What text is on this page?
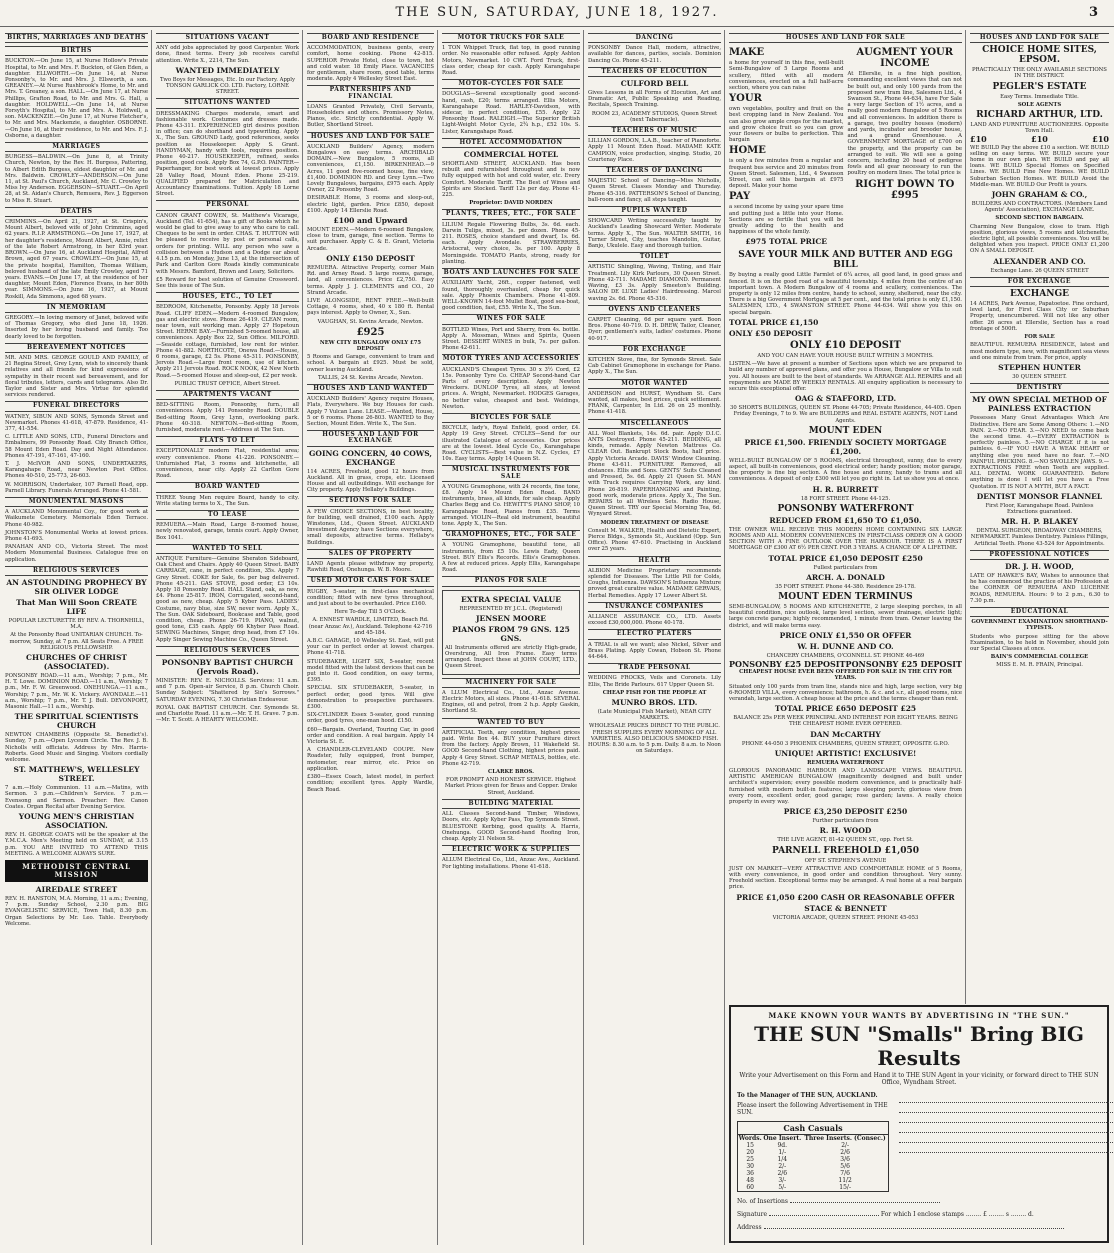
THE SUN, SATURDAY, JUNE 18, 1927.	3
BIRTHS, MARRIAGES AND DEATHS
BIRTHS
BUCKTON.—On June 15, at Nurse Hollow's Private Hospital, to Mr. and Mrs. F. Buckton, of Glen Eden, a daughter. ELLWORTH.—On June 14, at Nurse Ponsonby's, to Mr. and Mrs. J. Ellsworth, a son. GREANEY.—At Nurse Rushbrook's Home, to Mr. and Mrs. T. Greaney, a son. HALL.—On June 17, at Nurse Phillips, Grafton Road, to Mr. and Mrs. G. Hall, a daughter. HOLDWELL.—On June 14, at Nurse Forsyth's Hospital, to Mr. and Mrs. A. Holdwell, a son. MACKENZIE.—On June 17, at Nurse Fletcher's, to Mr. and Mrs. Mackenzie, a daughter. OSBORNE.—On June 16, at their residence, to Mr. and Mrs. F. J. Osborne, a daughter.
MARRIAGES
BURGESS—BALDWIN.—On June 8, at Trinity Church, Newton, by the Rev. H. Burgess, Pattering, to Albert Edith Burgess, eldest daughter of Mr. and Mrs. Baldwin. CROWLEY—ANDERSON.—On June 11, at St. Paul's Church, Auckland, Mr. C. Crowley to Miss Ivy Anderson. EGGERSON—STUART.—On April 28, at St. Aidan's Church, Remuera, Rev. J. Eggerson to Miss R. Stuart.
DEATHS
CRIMMINS.—On April 21, 1927, at St. Crispin's, Mount Albert, beloved wife of John Crimmins, aged 62 years. R.I.P. ARMSTRONG.—On June 17, 1927, at her daughter's residence, Mount Albert, Annie, relict of the late Robert Armstrong, in her 83rd year. BROWN.—On June 16, at Auckland Hospital, Alfred Brown, aged 67 years. CROWLEY.—On June 15, at the private hospital, Hamilton, Thomas William, beloved husband of the late Emily Crowley, aged 71 years. EVANS.—On June 17, at the residence of her daughter, Mount Eden, Florence Evans, in her 80th year. SIMMONS.—On June 16, 1927, at Mount Roskill, Ada Simmons, aged 68 years.
IN MEMORIAM
GREGORY.—In loving memory of Janet, beloved wife of Thomas Gregory, who died June 18, 1926. Inserted by her loving husband and family. Too dearly loved to be forgotten.
BEREAVEMENT NOTICES
MR. AND MRS. GEORGE GOULD AND FAMILY, of 21 Regina Street, Grey Lynn, wish to sincerely thank relatives and all friends for kind expressions of sympathy in their recent sad bereavement, and for floral tributes, letters, cards and telegrams. Also Dr. Taylor and Sister and Mrs. Virtue for splendid services rendered.
FUNERAL DIRECTORS
WATNEY, SIBUN AND SONS, Symonds Street and Newmarket. Phones 41-618, 47-879. Residence, 41-377, 41-554.
C. LITTLE AND SONS, LTD., Funeral Directors and Embalmers, 99 Ponsonby Road. City Branch Office, 58 Mount Eden Road. Day and Night Attendance. Phones 47-191, 47-161, 47-160.
T. J. McIVOR AND SONS, UNDERTAKERS, Karangahape Road, near Newton Post Office. Phones 40-510, 25-773, 26-603.
W. MORRISON, Undertaker, 107 Parnell Road, opp. Parnell Library. Funerals Arranged. Phone 41-581.
MONUMENTAL MASONS
A AUCKLAND Monumental Coy., for good work at Waikumete Cemetery. Memorials Eden Terrace. Phone 40-982.
JOHNSTON'S Monumental Works at lowest prices. Phone 41-693.
PANAHAN AND CO., Victoria Street. The most Modern Monumental Business. Catalogue free on application.
RELIGIOUS SERVICES
AN ASTOUNDING PROPHECY BY SIR OLIVER LODGE
That Man Will Soon CREATE LIFE
POPULAR LECTURETTE BY REV. A. THORNHILL, M.A.
At the Ponsonby Road UNITARIAN CHURCH. To-morrow, Sunday, at 7 p.m. All Seats Free. A FREE RELIGIOUS FELLOWSHIP.
CHURCHES OF CHRIST (ASSOCIATED).
PONSONBY ROAD.—11 a.m., Worship; 7 p.m., Mr. H. T. Lowe. DOMINION ROAD.—11 a.m., Worship; 7 p.m., Mr. F. W. Greenwood. ONEHUNGA.—11 a.m., Worship; 7 p.m., Mr. W. K. Vickery. AVONDALE.—11 a.m., Worship; 7 p.m., Mr. T. J. Bull. DEVONPORT, Masonic Hall.—11 a.m., Worship.
THE SPIRITUAL SCIENTISTS CHURCH
NEWTON CHAMBERS (Opposite St. Benedict's). Sunday, 7 p.m.—Open Lyceum Circle. The Rev. J. B. Nicholls will officiate. Address by Mrs. Harris-Roberts. Good Music and Singing. Visitors cordially welcome.
ST. MATTHEW'S, WELLESLEY STREET.
7 a.m.—Holy Communion. 11 a.m.—Matins, with Sermon. 3 p.m.—Children's Service. 7 p.m.—Evensong and Sermon. Preacher: Rev. Canon Coates. Organ Recital after Evening Service.
YOUNG MEN'S CHRISTIAN ASSOCIATION.
REV. H. GEORGE COATS will be the speaker at the Y.M.C.A. Men's Meeting held on SUNDAY, at 3.15 p.m. YOU ARE INVITED TO ATTEND THIS MEETING. A WELCOME ALWAYS SURE.
METHODIST CENTRAL MISSION
AIREDALE STREET
REV. H. RANSTON, M.A. Morning, 11 a.m.; Evening, 7 p.m. Sunday School, 2.30 p.m. BIG EVANGELISTIC SERVICE, Town Hall, 8.30 p.m. Organ Selections by Mr. Leo. Tahle. Everybody Welcome.
SITUATIONS VACANT
ANY odd jobs appreciated by good Carpenter. Work done, finest terms. Every job receives careful attention. Write X., 2214, The Sun.
WANTED IMMEDIATELY
Two Boys for Messages, Etc. In our Factory. Apply TONSON GARLICK CO. LTD. Factory, LORNE STREET.
SITUATIONS WANTED
DRESSMAKING Charges moderate, smart and fashionable work. Costumes and dresses made. Phone 43-311. EXPERIENCED girl desires position in office; can do shorthand and typewriting. Apply X., The Sun. GROUND Lady, good references, seeks position as Housekeeper. Apply S. Grant. HANDYMAN, handy with tools, requires position. Phone 40-217. HOUSEKEEPER, refined, seeks position, good cook. Apply Box 74, G.P.O. PAINTER—Paperhanger, for best work at lowest prices. Apply 28 Valley Road, Mount Eden. Phone 25-219. QUALIFIED prepared for Matriculation and Accountancy Examinations. Tuition. Apply 18 Lorne Street.
PERSONAL
CANON GRANT COWEN, St. Matthew's Vicarage, Auckland (Tel. 41-654), has a gift of Books which he would be glad to give away to any who care to call. Cheques to be sent in order. CHAS. T. HUTTON will be pleased to receive by post or personal calls, orders for printing. WILL any person who saw a collision between a Hudson and a Dodge car about 4.15 p.m. on Monday, June 13, at the intersection of Park and Carlton Gore Roads kindly communicate with Messrs. Bamford, Brown and Leary, Solicitors.
£5 Reward for best solution of Genuine Crossword. See this issue of The Sun.
HOUSES, ETC., TO LET
BEDROOM, Kitchenette, Ponsonby. Apply 18 Jervois Road. CLIFF EDEN.—Modern 4-roomed Bungalow, gas and electric stove. Phone 26-419. CLEAN room, near town, suit working man. Apply 27 Hopetoun Street. HERNE BAY.—Furnished 5-roomed house, all conveniences. Apply Box 22, Sun Office. MILFORD.—Seaside cottage, furnished, low rent for winter. Phone 41-882. NORTHCOTE, Onewa Road.—House, 6 rooms, garage, £2 5s. Phone 45-311. PONSONBY, Jervois Road.—Large front room, use of kitchen. Apply 211 Jervois Road. ROCK NOOK, 42 New North Road.—5-roomed House and sleep-out, £2 per week.
PUBLIC TRUST OFFICE, Albert Street.
APARTMENTS VACANT
BED-SITTING Room, Ponsonby, furn., all conveniences. Apply 141 Ponsonby Road. DOUBLE Bed-sitting Room, Grey Lynn, overlooking park. Phone 40-318. NEWTON.—Bed-sitting Room, furnished, moderate rent.—Address at The Sun.
FLATS TO LET
EXCEPTIONALLY modern Flat, residential area; every convenience. Phone 41-226. PONSONBY.—Unfurnished Flat, 3 rooms and kitchenette, all conveniences, near city. Apply 22 Carlton Gore Road.
BOARD WANTED
THREE Young Men require Board, handy to city. Write stating terms to X., The Sun.
TO LEASE
REMUERA.—Main Road, Large 8-roomed house, newly renovated, garage, tennis court. Apply Owner, Box 1041.
WANTED TO SELL
ANTIQUE Furniture—Genuine Sheraton Sideboard, Oak Chest and Chairs. Apply 40 Queen Street. BABY CARRIAGE, cane, in perfect condition, 35s. Apply 7 Grey Street. COKE for Sale, 6s. per bag delivered. Phone 45-211. GAS STOVE, good order, £3 10s. Apply 18 Ponsonby Road. HALL Stand, oak, as new, £4. Phone 25-817. IRON, Corrugated, second-hand, good as new, cheap. Apply 5 Kyber Pass. LADIES' Costume, navy blue, size SW, never worn. Apply X., The Sun. OAK Sideboard, Bookcase and Table, good condition, cheap. Phone 26-719. PIANO, walnut, good tone, £35 cash. Apply 66 Khyber Pass Road. SEWING Machines, Singer, drop head, from £7 10s. Apply Singer Sewing Machine Co., Queen Street.
RELIGIOUS SERVICES
PONSONBY BAPTIST CHURCH (Jervois Road).
MINISTER: REV. E. NICHOLLS. Services: 11 a.m. and 7 p.m. Open-air Service, 8 p.m. Church Choir. Sunday Subject: "Shattered by Sin's Sorrows." SATURDAY EVENING, 7.30 Christian Endeavour.
ROYAL OAK BAPTIST CHURCH. Cnr. Symonds St. and Charlotte Road. 11 a.m.—Mr. T. H. Grave. 7 p.m.—Mr. T. Scott. A HEARTY WELCOME.
BOARD AND RESIDENCE
ACCOMMODATION, business gents, every comfort, home cooking. Phone 42-815. SUPERIOR Private Hotel, close to town, hot and cold water. 18 Emily Place. VACANCIES for gentlemen, share room, good table, terms moderate. Apply 4 Wellesley Street East.
PARTNERSHIPS AND FINANCIAL
LOANS Granted Privately, Civil Servants, Householders and others. Promissory Notes, Pianos, etc. Strictly confidential. Apply W. Butler, Shortland Street.
HOUSES AND LAND FOR SALE
AUCKLAND Builders' Agency, modern Bungalows on easy terms. ARCHIBALD DOMAIN.—New Bungalow, 5 rooms, all conveniences, £1,150. BIRKENHEAD.—9 Acres, 11 good five-roomed house, fine view, £1,400. DOMINION RD. and Grey Lynn.—Two Lovely Bungalows, bargains, £975 each. Apply Owner, 22 Ponsonby Road.
DESIRABLE Home, 3 rooms and sleep-out, electric light, garden. Price £850, deposit £100. Apply 14 Ellerslie Road.
£100 and Upward
MOUNT EDEN.—Modern 6-roomed Bungalow, close to tram, garage, fine section. Terms to suit purchaser. Apply C. & E. Grant, Victoria Arcade.
ONLY £150 DEPOSIT
REMUERA. Attractive Property, corner Main Rd. and Arney Road. 5 large rooms, garage, land, all conveniences. Price £2,750. Easy terms. Apply J. J. CLEMENTS and CO., 20 Strand Arcade.
LIVE ALONGSIDE, RENT FREE.—Well-built Cottage, 4 rooms, shed, 40 x 180 ft. Rental pays interest. Apply to Owner, X., Sun.
VAUGHAN, St. Kevins Arcade, Newton.
£925
NEW CITY BUNGALOW ONLY £75 DEPOSIT
5 Rooms and Garage, convenient to tram and school. A bargain at £925. Must be sold, owner leaving Auckland.
TALLIS, 24 St. Kevins Arcade, Newton.
HOUSES AND LAND WANTED
AUCKLAND Builders' Agency require Houses, Flats, Everywhere. We buy Houses for cash. Apply 7 Vulcan Lane. LEASE.—Wanted, House, 5 or 6 rooms. Phone 26-803. WANTED to Buy Section, Mount Eden. Write X., The Sun.
HOUSES AND LAND FOR EXCHANGE
GOING CONCERN, 40 COWS, EXCHANGE
114 ACRES, Freehold, good 12 hours from Auckland. All in grass, crops, etc. Licensed House and all outbuildings. Will exchange for City property. Apply Hellaby's Buildings.
SECTIONS FOR SALE
A FEW CHOICE SECTIONS, in best locality, for building, well drained, £100 each. Apply Winstones, Ltd., Queen Street. AUCKLAND Investment Agency have Sections everywhere, small deposits, attractive terms. Hellaby's Buildings.
SALES OF PROPERTY
LAND Agents please withdraw my property, Rawhiti Road, Onehunga. W. B. Moore.
USED MOTOR CARS FOR SALE
RUGBY, 5-seater, in first-class mechanical condition; fitted with new tyres throughout, and just about to be overhauled. Price £160.
Here To-day Till 5 O'Clock.
A. ENNEST WARDLE, LIMITED, Beach Rd. (near Anzac Av.), Auckland. Telephone 42-716 and 45-184.
A.B.C. GARAGE, 10 Wellesley St. East, will put your car in perfect order at lowest charges. Phone 41-718.
STUDEBAKER, LIGHT SIX, 5-seater, recent model fitted with the latest devices that can be put into it. Good condition, on easy terms, £395.
SPECIAL SIX STUDEBAKER, 5-seater, in perfect order, good tyres. Will give demonstration to prospective purchasers. £300.
SIX-CYLINDER Essex 5-seater, good running order, good tyres, one-man hood. £150.
£60—Bargain. Overland, Touring Car, in good order and condition. A real bargain. Apply 14 Victoria St. E.
A CHANDLER-CLEVELAND COUPE. New Roadster, fully equipped, front bumper, motometer, rear mirror, etc. Price on application.
£380—Essex Coach, latest model, in perfect condition; excellent tyres. Apply Wardle, Beach Road.
MOTOR TRUCKS FOR SALE
1 TON Whippet Truck, flat top, in good running order. No reasonable offer refused. Apply Ashton Motors, Newmarket. 10 CWT. Ford Truck, first-class order, cheap for cash. Apply Karangahape Road.
MOTOR-CYCLES FOR SALE
DOUGLAS—Several exceptionally good second-hand, cash, £20; terms arranged. Ellis Motors, Karangahape Road. HARLEY-Davidson, with sidecar, in perfect condition, £55. Apply 22 Ponsonby Road. RALEIGH.—The Superior British Light-Weight Motor Cycle, 2¾ h.p., £52 10s. S. Lister, Karangahape Road.
HOTEL ACCOMMODATION
COMMERCIAL HOTEL
SHORTLAND STREET, AUCKLAND. Has been rebuilt and refurnished throughout and is now fully equipped with hot and cold water, etc. Every Comfort. Moderate Tariff. The Best of Wines and Spirits are Stocked. Tariff 12s per day. Phone 41-225.
Proprietor: DAVID NORDEN
PLANTS, TREES, ETC., FOR SALE
LILIUM Regale Flowering Bulbs, 3s. 6d. each. Darwin Tulips, mixed, 3s. per dozen. Phone 45-211. ROSES, choice standard and dwarf, 1s. 6d. each. Apply Avondale. STRAWBERRIES, Aristocrat, very choice, 3s. per 100. Apply 8 Morningside. TOMATO Plants, strong, ready for planting.
BOATS AND LAUNCHES FOR SALE
AUXILIARY Yacht, 26ft., copper fastened, well found, thoroughly overhauled, cheap for quick sale. Apply Phoenix Chambers. Phone 41-809. WELL-KNOWN 14-foot Mullet Boat, good sea-boat, good condition, fast, £55. Write X., The Sun.
WINES FOR SALE
BOTTLED Wines, Port and Sherry, from 4s. bottle. Apply A. Mossman, Wines and Spirits, Queen Street. DESSERT WINES in bulk, 7s. per gallon. Phone 42-611.
MOTOR TYRES AND ACCESSORIES
AUCKLAND'S Cheapest Tyres. 30 x 3½ Cord, £2 15s. Ponsonby Tyre Co. CHEAP Second-hand Car Parts of every description. Apply Newton Wreckers. DUNLOP Tyres, all sizes, at lowest prices. A. Wright, Newmarket. HODGES Garages, no better value, cheapest and best. Weldings, Newton.
BICYCLES FOR SALE
BICYCLE, lady's, Royal Enfield, good order, £4. Apply 19 Grey Street. CYCLES—Send for our illustrated Catalogue of accessories. Our prices are at the lowest. Ideal Cycle Co., Karangahape Road. CYCLISTS—Best value in N.Z. Cycles, £7 10s. Easy terms. Apply 14 Queen St.
MUSICAL INSTRUMENTS FOR SALE
A YOUNG Gramophone, with 24 records, fine tone, £8. Apply 14 Mount Eden Road. BAND instruments, brass, all kinds, for sale cheap. Apply Charles Begg and Co. HEWITT'S PIANO SHOP, 10 Karangahape Road, Pianos from £35. Terms arranged. VIOLIN—Real old instrument, beautiful tone. Apply X., The Sun.
GRAMOPHONES, ETC., FOR SALE
A YOUNG Gramophone, beautiful tone, all instruments, from £5 10s. Lewis Eady, Queen Street. BUY Ellis's Records. Ellis's Gramophones. A few at reduced prices. Apply Ellis, Karangahape Road.
PIANOS FOR SALE
EXTRA SPECIAL VALUE
REPRESENTED BY J.C.L. (Registered)
JENSEN MOORE
PIANOS FROM 79 GNS. 125 GNS.
All Instruments offered are strictly High-grade, Overstrung, All Iron Frame. Easy terms arranged. Inspect these at JOHN COURT, LTD., Queen Street.
MACHINERY FOR SALE
A LLUM Electrical Co., Ltd., Anzac Avenue. Electric Motors, all sizes. Phone 41-618. SEVERAL Engines, oil and petrol, from 2 h.p. Apply Gaskin, Shortland St.
WANTED TO BUY
ARTIFICIAL Teeth, any condition, highest prices paid. Write Box 44. BUY your Furniture direct from the factory. Apply Brown, 11 Wakefield St. GOOD Second-hand Clothing, highest prices paid. Apply 4 Grey Street. SCRAP METALS, bottles, etc. Phone 42-719.
CLARKE BROS.
FOR PROMPT AND HONEST SERVICE. Highest Market Prices given for Brass and Copper. Drake Street, Auckland.
BUILDING MATERIAL
ALL Classes Second-hand Timber, Windows, Doors, etc. Apply Kyber Pass, Top Symonds Street. BLUESTONE Kerbing, good quality. A. Harris, Onehunga. GOOD Second-hand Roofing Iron, cheap. Apply 21 Nelson St.
ELECTRIC WORK & SUPPLIES
ALLUM Electrical Co., Ltd., Anzac Ave., Auckland. For lighting installations. Phone 41-618.
DANCING
PONSONBY Dance Hall, modern, attractive, available for dances, parties, socials. Dominion Dancing Co. Phone 45-211.
TEACHERS OF ELOCUTION
CULFORD BELL
Gives Lessons in all Forms of Elocution, Art and Dramatic Art, Public Speaking and Reading, Recitals, Speech Training.
ROOM 23, ACADEMY STUDIOS, Queen Street (next Tabernacle).
TEACHERS OF MUSIC
LILLIAN GORDON, L.A.B., teacher of Pianoforte. Apply 11 Mount Eden Road. MADAME KATE CAMPION, voice production, singing. Studio, 20 Courtenay Place.
TEACHERS OF DANCING
MAJESTIC School of Dancing—Miss Nicholls, Queen Street. Classes Monday and Thursday. Phone 45-316. PATTERSON'S School of Dancing, ball-room and fancy, all steps taught.
PUPILS WANTED
SHOWCARD Writing successfully taught by Auckland's Leading Showcard Writer. Moderate terms. Apply X., The Sun. WALTER SMITH, 16 Turner Street, City, teaches Mandolin, Guitar, Banjo, Ukulele. Easy and thorough tuition.
TOILET
ARTISTIC Shingling, Waving, Tinting, and Hair Treatment. Lily Kirk Parlours, 30 Queen Street. Phone 42-711. MADAME DIAMOND. Permanent Waving, £3 3s. Apply Smeeton's Building. SALON DE LUXE Ladies' Hairdressing. Marcel waving 2s. 6d. Phone 45-316.
OVENS AND CLEANERS
CARPET Cleaning, 6d per square yard. Boon Bros. Phone 40-719. D. H. DREW, Tailor, Cleaner, Dyer; gentlemen's suits, ladies' costumes. Phone 40-917.
FOR EXCHANGE
KITCHEN Stove, fine, for Symonds Street. Sale Cab Cabinet Gramophone in exchange for Piano. Apply X., The Sun.
MOTOR WANTED
ANDERSON and HURST, Wyndham St. Cars wanted, all makes, best prices, quick settlement. FRANK, Carpenter, In Ltd. 26 on 25 monthly. Phone 41-418.
MISCELLANEOUS
ALL Wool Blankets, 14s. 6d. pair. Apply D.I.C. ANTS Destroyed. Phone 45-211. BEDDING, all kinds, remade. Apply Newton Mattress Co. CLEAR Out. Bankrupt Stock Boots, half price. Apply Victoria Arcade. DAVIS' Window Cleaning. Phone 43-611. FURNITURE Removed, all distances. Ellis and Sons. GENTS' Suits Cleaned and Pressed, 5s. 6d. Apply 21 Queen St. MAN with Truck requires Carrying Work, any kind. Phone 26-819. PAPERHANGING and Painting, good work, moderate prices. Apply X., The Sun. REPAIRS to all Wireless Sets. Radio House, Queen Street. TRY our Special Morning Tea, 6d. Wynyard Street.
MODERN TREATMENT OF DISEASE
Consult M. WALKER, Health and Dietetic Expert, Pierce Bldgs., Symonds St., Auckland (Opp. Sun Office). Phone 47-610. Practising in Auckland over 25 years.
HEALTH
ALBION Medicine Proprietary recommends splendid for Diseases. The Little Pill for Colds, Coughs, Influenza. DAWSON'S Influenza Mixture proved great curative value. MADAME GERVAIS, Herbal Remedies. Apply 17 Lower Albert St.
INSURANCE COMPANIES
ALLIANCE ASSURANCE CO., LTD. Assets exceed £30,000,000. Phone 40-178.
ELECTRO PLATERS
A TRIAL is all we want; also Nickel, Silver and Brass Plating. Apply Cowan, Hobson St. Phone 44-644.
TRADE PERSONAL
WEDDING FROCKS, Veils and Coronets. Lily Ellis, The Bride Parlours. 617 Upper Queen St.
CHEAP FISH FOR THE PEOPLE AT
MUNRO BROS. LTD.
(Late Municipal Fish Market), NEAR CITY MARKETS.
WHOLESALE PRICES DIRECT TO THE PUBLIC. FRESH SUPPLIES EVERY MORNING OF ALL VARIETIES. ALSO DELICIOUS SMOKED FISH. HOURS: 8.30 a.m. to 5 p.m. Daily. 8 a.m. to Noon on Saturdays.
HOUSES AND LAND FOR SALE
MAKE
a home for yourself in this fine, well-built Semi-Bungalow of 5 Large Rooms and scullery, fitted with all modern conveniences, erected on a full half-acre section, where you can raise
YOUR
own vegetables, poultry and fruit on the best cropping land in New Zealand. You can also grow ample crops for the market, and grow choice fruit so you can grow your flowers or bulbs to perfection. This bargain
HOME
is only a few minutes from a regular and frequent bus service and 20 minutes from Queen Street. Salesmen, Ltd., 4 Swanson Street, can sell this bargain at £975 deposit. Make your home
PAY
a second income by using your spare time and putting just a little into your Home. Sections are so fertile that you will be greatly adding to the health and happiness of the whole family.
£975 TOTAL PRICE
AUGMENT YOUR INCOME
At Ellerslie, in a fine high position, commanding excellent views that can not be built out, and only 100 yards from the proposed new tram line, Salesmen Ltd., 4 Swanson St., Phone 44-634, have For Sale a very large Section of 1½ acres, and a really good modern Bungalow of 5 Rooms and all conveniences. In addition there is a garage, two poultry houses (modern) and yards, incubator and brooder house, and a grand Greenhouse. A GOVERNMENT MORTGAGE of £700 on the property, and the property can be arranged to suit. We will see a going concern, including 20 head of pedigree fowls and all gear necessary to run the poultry on modern lines. The total price is
RIGHT DOWN TO £995
SAVE YOUR MILK AND BUTTER AND EGG BILL
By buying a really good Little Farmlet of 6¼ acres, all good land, in good grass and fenced. It is on the good road of a beautiful township. 4 miles from the centre of an important town. A Modern Bungalow of 4 rooms and scullery, conveniences. The property is only 12 miles from centre, handy to school, sunny, sheltered, near the city. There is a big Government Mortgage at 5 per cent., and the total price is only £1,150. SALESMEN, LTD., 4 SWANSTON STREET. Phone 44-634. Will show you this on special bargain.
TOTAL PRICE £1,150
ONLY £50 DEPOSIT
ONLY £10 DEPOSIT
AND YOU CAN HAVE YOUR HOUSE BUILT WITHIN 3 MONTHS.
LISTEN.—We have at present a number of Sections upon which we are prepared to build any number of approved plans, and offer you a House, Bungalow or Villa to suit you. All houses are built to the best of standards. We ARRANGE ALL REPAIRS and all repayments are MADE BY WEEKLY RENTALS. All enquiry application is necessary to secure this exceptional offer.
OAG & STAFFORD, LTD.
30 SHORTS BUILDINGS, QUEEN ST. Phone 44-705; Private Residence, 44-405. Open Friday Evenings, 7 to 9. We are BUILDERS and REAL ESTATE AGENTS, NOT Land Agents.
MOUNT EDEN
PRICE £1,500. FRIENDLY SOCIETY MORTGAGE £1,200.
WELL-BUILT BUNGALOW OF 5 ROOMS, electrical throughout, sunny, due to every aspect, all built-in conveniences, good electrical order; handy position; motor garage, the property is fine big section. A fine house and sunny, handy to trams and all conveniences. A deposit of only £300 will let you go right in. Let us show you at once.
H. R. BURRETT
18 FORT STREET. Phone 44-125.
PONSONBY WATERFRONT
REDUCED FROM £1,650 TO £1,050.
THE OWNER WILL RECEIVE THIS MODERN HOME CONTAINING SIX LARGE ROOMS AND ALL MODERN CONVENIENCES IN FIRST-CLASS ORDER ON A GOOD SECTION WITH A FINE OUTLOOK OVER THE HARBOUR. THERE IS A FIRST MORTGAGE OF £300 AT 6½ PER CENT. FOR 3 YEARS. A CHANCE OF A LIFETIME.
TOTAL PRICE £1,050 DEPOSIT £250
Fullest particulars from
ARCH. A. DONALD
35 FORT STREET. Phone 44-380. Residence 29-178.
MOUNT EDEN TERMINUS
SEMI-BUNGALOW, 5 ROOMS AND KITCHENETTE, 2 large sleeping porches, in all beautiful condition, nice outlook, large level section, sewer drainage, electric light; large concrete garage; highly recommended, 1 minute from tram. Owner leaving the district, and will make terms easy.
PRICE ONLY £1,550 OR OFFER
W. H. DUNNE AND CO.
CHANCERY CHAMBERS, O'CONNELL ST. PHONE 46-469
PONSONBY £25 DEPOSIT PONSONBY £25 DEPOSIT
CHEAPEST HOUSE EVER BEEN OFFERED FOR SALE IN THE CITY FOR YEARS.
Situated only 100 yards from tram line, stands nice and high, large section, very big 6-ROOMED VILLA, every convenience; bathroom, h. & c. and s.r., all good rooms, nice verandah, large section. A cheap house at the price and the terms cheaper than rent.
TOTAL PRICE £650 DEPOSIT £25
BALANCE 25s PER WEEK PRINCIPAL AND INTEREST FOR EIGHT YEARS. BEING THE CHEAPEST HOME EVER OFFERED.
DAN McCARTHY
PHONE 44-050 3 PHOENIX CHAMBERS, QUEEN STREET, OPPOSITE G.P.O.
UNIQUE! ARTISTIC! EXCLUSIVE!
REMUERA WATERFRONT
GLORIOUS PANORAMIC HARBOUR AND LANDSCAPE VIEWS. BEAUTIFUL ARTISTIC AMERICAN BUNGALOW (magnificently designed and built under architect's supervision; every possible modern convenience, and is practically half-furnished with modern built-in features; large sleeping porch; glorious view from every room, excellent order, good garage; rose garden; lawns. A really choice property in every way.
PRICE £3,250 DEPOSIT £250
Further particulars from
R. H. WOOD
THE LIVE AGENT, 81-42 QUEEN ST., opp. Fort St.
PARNELL FREEHOLD £1,050
OFF ST. STEPHEN'S AVENUE
JUST ON MARKET—VERY ATTRACTIVE AND COMFORTABLE HOME of 5 Rooms, with every convenience, in good order and condition throughout. Very sunny. Freehold section. Exceptional terms may be arranged. A real home at a real bargain price.
PRICE £1,050 £200 CASH OR REASONABLE OFFER
STACE & BENNETT
VICTORIA ARCADE, QUEEN STREET. PHONE 45-053
HOUSES AND LAND FOR SALE
CHOICE HOME SITES, EPSOM.
PRACTICALLY THE ONLY AVAILABLE SECTIONS IN THE DISTRICT.
PEGLER'S ESTATE
Easy Terms. Immediate Title.
SOLE AGENTS
RICHARD ARTHUR, LTD.
LAND AND FURNITURE AUCTIONEERS. Opposite Town Hall.
£10	£10	£10
WE BUILD Pay the above £10 a section. WE BUILD selling on easy terms. WE BUILD secure your home in our own plan. WE BUILD and pay all loans. WE BUILD Special Homes on Specified Lines. WE BUILD Fine New Homes. WE BUILD Suburban Section Homes. WE BUILD Avoid the Middle-man. WE BUILD Our Profit is yours.
JOHN GRAHAM & CO.,
BUILDERS AND CONTRACTORS. (Members Land Agents' Association), EXCHANGE LANE.
SECOND SECTION BARGAIN.
Charming New Bungalow, close to tram. High position, glorious views, 5 rooms and kitchenette, electric light, all possible conveniences. You will be delighted when you inspect. PRICE ONLY £1,200 ON A SMALL DEPOSIT.
ALEXANDER AND CO.
Exchange Lane. 26 QUEEN STREET
FOR EXCHANGE
EXCHANGE
14 ACRES, Park Avenue, Papatoetoe. Fine orchard, level land, for First Class City or Suburban Property, unencumbered. Will not like any other offer. 26 acres at Ellerslie, Section has a road frontage of 500ft.
FOR SALE
BEAUTIFUL REMUERA RESIDENCE, latest and most modern type, new, with magnificent sea views and one minute from tram. For price, apply
STEPHEN HUNTER
30 QUEEN STREET.
DENTISTRY
MY OWN SPECIAL METHOD OF PAINLESS EXTRACTION
Possesses Many Great Advantages Which Are Distinctive. Here are Some Among Others: 1.—NO PAIN. 2.—NO FEAR. 3.—NO NEED to come back the second time. 4.—EVERY EXTRACTION is perfectly painless. 5.—NO CHARGE if it is not painless. 6.—IF YOU HAVE A WEAK HEART or anything else you need have no fear. 7.—NO PAINFUL PRICKING. 8.—NO SWOLLEN JAWS. 9.—EXTRACTIONS FREE when Teeth are supplied. ALL DENTAL WORK GUARANTEED. Before anything is done I will let you have a Free Quotation. IT IS NOT A MYTH, BUT A FACT.
DENTIST MONSOR FLANNEL
First Floor, Karangahape Road. Painless Extractions guaranteed.
MR. H. P. BLAKEY
DENTAL SURGEON, BROADWAY CHAMBERS, NEWMARKET. Painless Dentistry. Painless Fillings, Artificial Teeth. Phone 43-524 for Appointments.
PROFESSIONAL NOTICES
DR. J. H. WOOD,
LATE OF HAWKE'S BAY, Wishes to announce that he has commenced the practice of his Profession at the CORNER OF REMUERA AND LUCERNE ROADS, REMUERA. Hours: 9 to 2 p.m., 6.30 to 7.30 p.m.
EDUCATIONAL
GOVERNMENT EXAMINATION SHORTHAND-TYPISTS.
Students who purpose sitting for the above Examination, to be held in November, should join our Special Classes at once.
BAIN'S COMMERCIAL COLLEGE
MISS E. M. R. FRAIN, Principal.
MAKE KNOWN YOUR WANTS BY ADVERTISING IN "THE SUN."
THE SUN "Smalls" Bring BIG Results
Write your Advertisement on this Form and Hand it to THE SUN Agent in your vicinity, or forward direct to THE SUN Office, Wyndham Street.
To the Manager of THE SUN, AUCKLAND.
Please insert the following Advertisement in THE SUN.
Cash Casuals
Words.	One Insert.	Three Inserts. (Consec.)
15	9d.	2/-
20	1/-	2/6
25	1/4	3/6
30	2/-	5/6
36	2/6	7/6
48	3/-	11/2
60	5/-	15/-
No. of Insertions
Signature	For which I enclose stamps ........ £ ........ s ........ d.
Address
